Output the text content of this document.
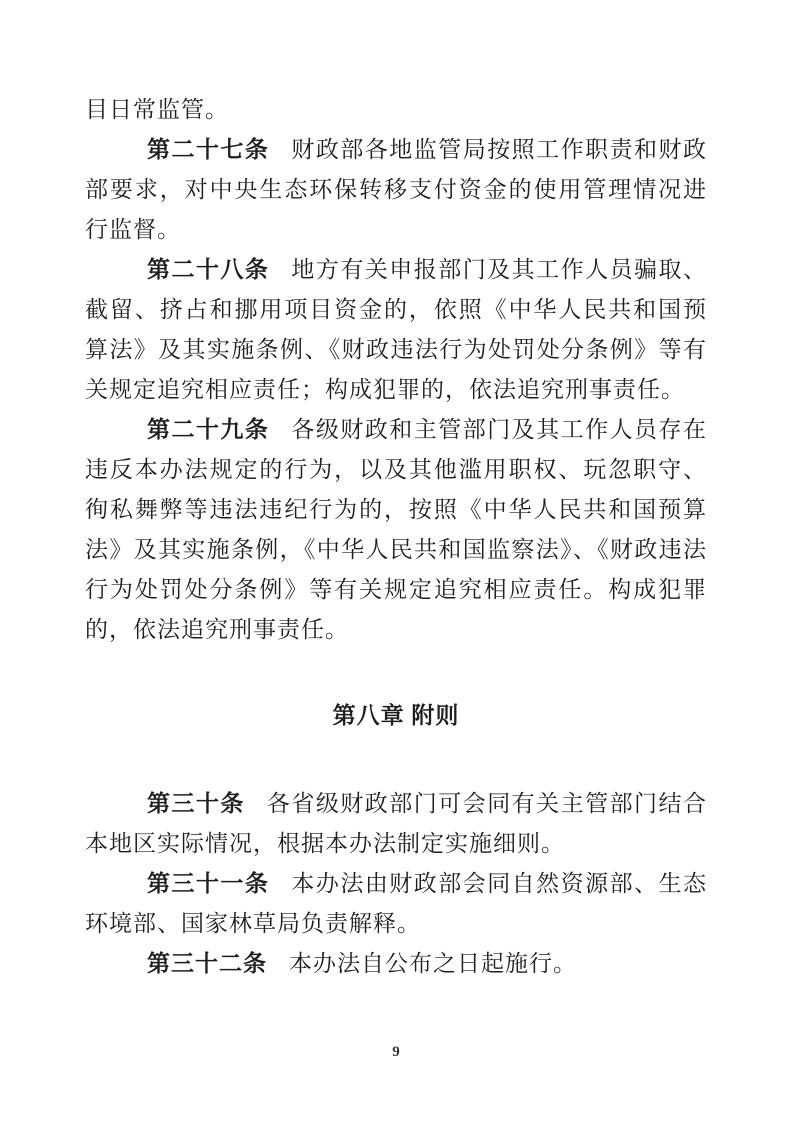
目日常监管。

第二十七条 财政部各地监管局按照工作职责和财政部要求，对中央生态环保转移支付资金的使用管理情况进行监督。

第二十八条 地方有关申报部门及其工作人员骗取、截留、挤占和挪用项目资金的，依照《中华人民共和国预算法》及其实施条例、《财政违法行为处罚处分条例》等有关规定追究相应责任；构成犯罪的，依法追究刑事责任。

第二十九条 各级财政和主管部门及其工作人员存在违反本办法规定的行为，以及其他滥用职权、玩忽职守、徇私舞弊等违法违纪行为的，按照《中华人民共和国预算法》及其实施条例，《中华人民共和国监察法》、《财政违法行为处罚处分条例》等有关规定追究相应责任。构成犯罪的，依法追究刑事责任。

第八章 附则

第三十条 各省级财政部门可会同有关主管部门结合本地区实际情况，根据本办法制定实施细则。

第三十一条 本办法由财政部会同自然资源部、生态环境部、国家林草局负责解释。

第三十二条 本办法自公布之日起施行。

9
